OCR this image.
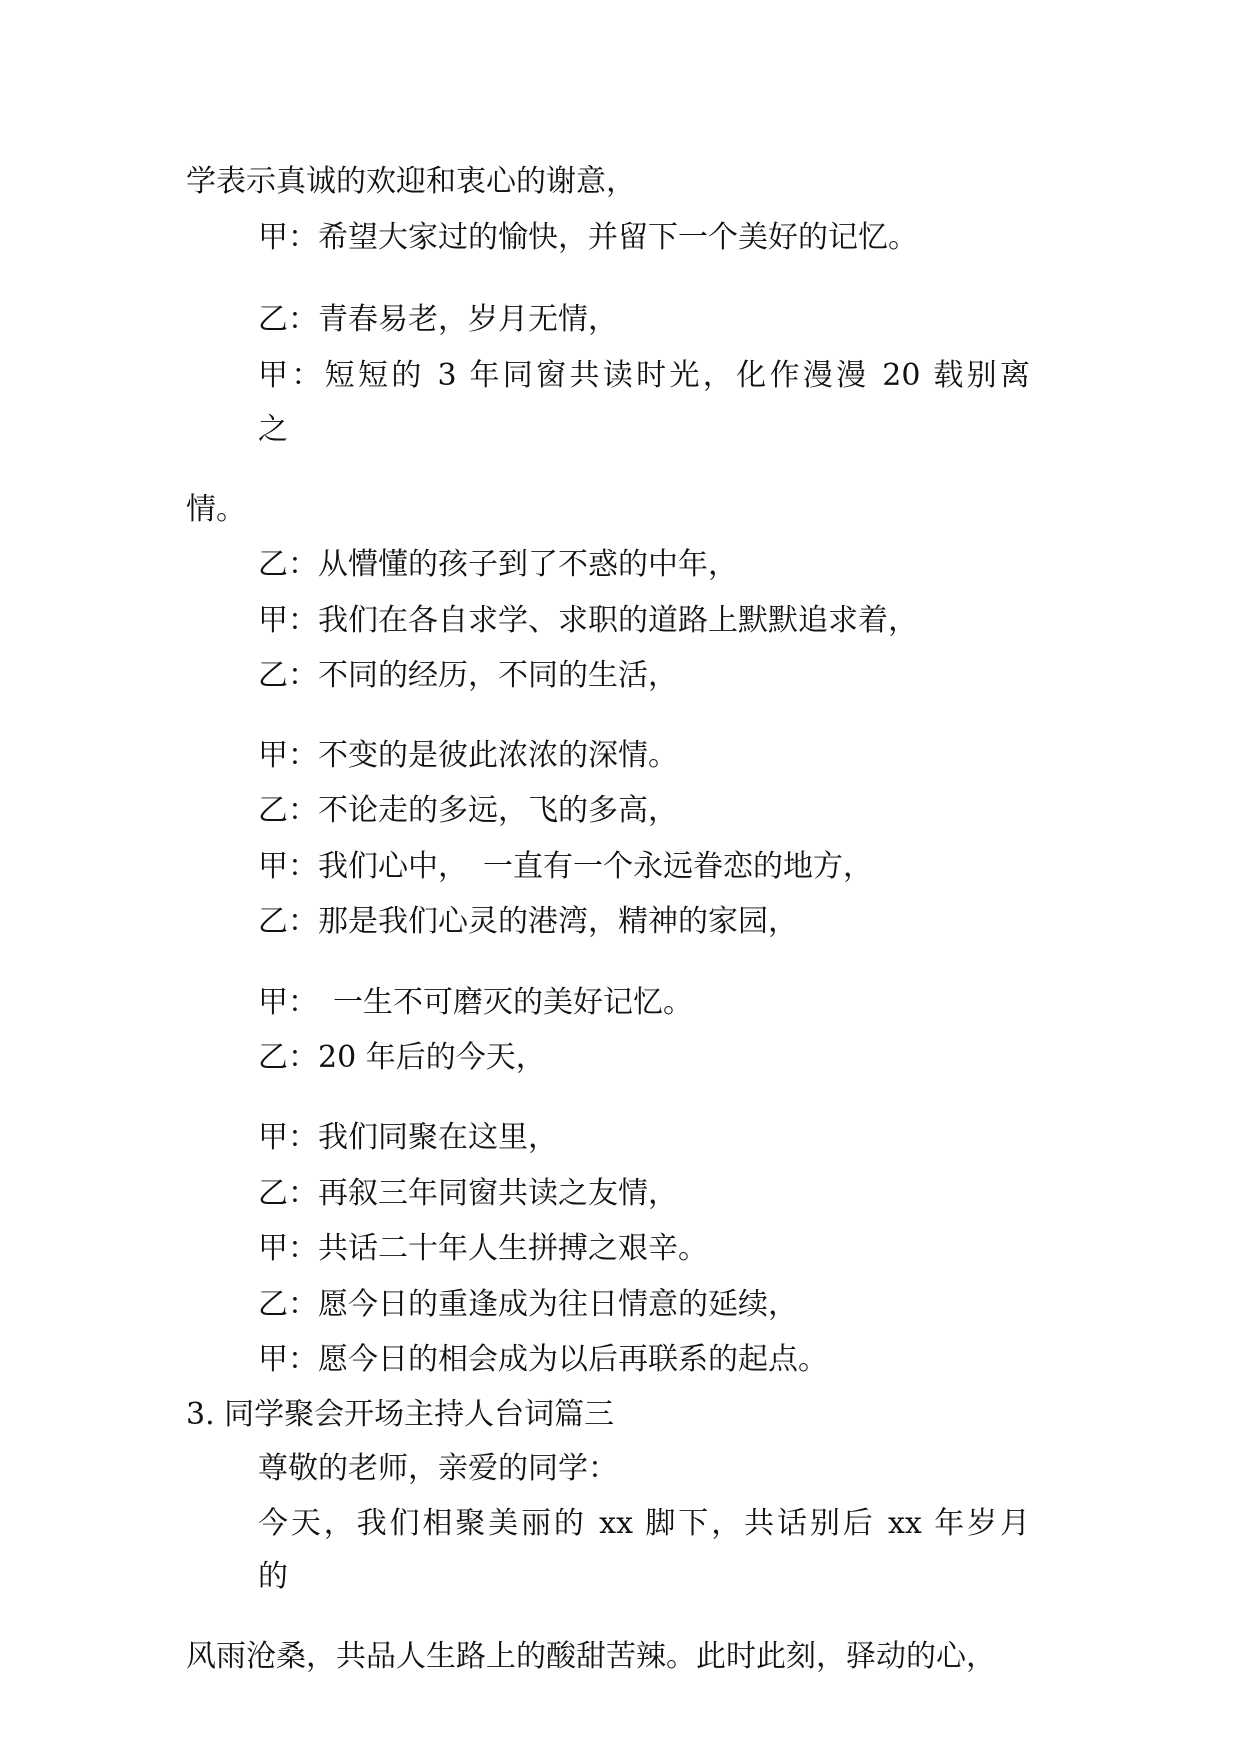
学表示真诚的欢迎和衷心的谢意，

甲：希望大家过的愉快，并留下一个美好的记忆。

乙：青春易老，岁月无情，

甲：短短的 3 年同窗共读时光，化作漫漫 20 载别离

之

情。

乙：从懵懂的孩子到了不惑的中年，

甲：我们在各自求学、求职的道路上默默追求着，

乙：不同的经历，不同的生活，

甲：不变的是彼此浓浓的深情。

乙：不论走的多远，飞的多高，

甲：我们心中，　一直有一个永远眷恋的地方，

乙：那是我们心灵的港湾，精神的家园，

甲：　一生不可磨灭的美好记忆。

乙：20 年后的今天，

甲：我们同聚在这里，

乙：再叙三年同窗共读之友情，

甲：共话二十年人生拼搏之艰辛。

乙：愿今日的重逢成为往日情意的延续，

甲：愿今日的相会成为以后再联系的起点。

3. 同学聚会开场主持人台词篇三

尊敬的老师，亲爱的同学：

今天，我们相聚美丽的 xx 脚下，共话别后 xx 年岁月

的

风雨沧桑，共品人生路上的酸甜苦辣。此时此刻，驿动的心，
